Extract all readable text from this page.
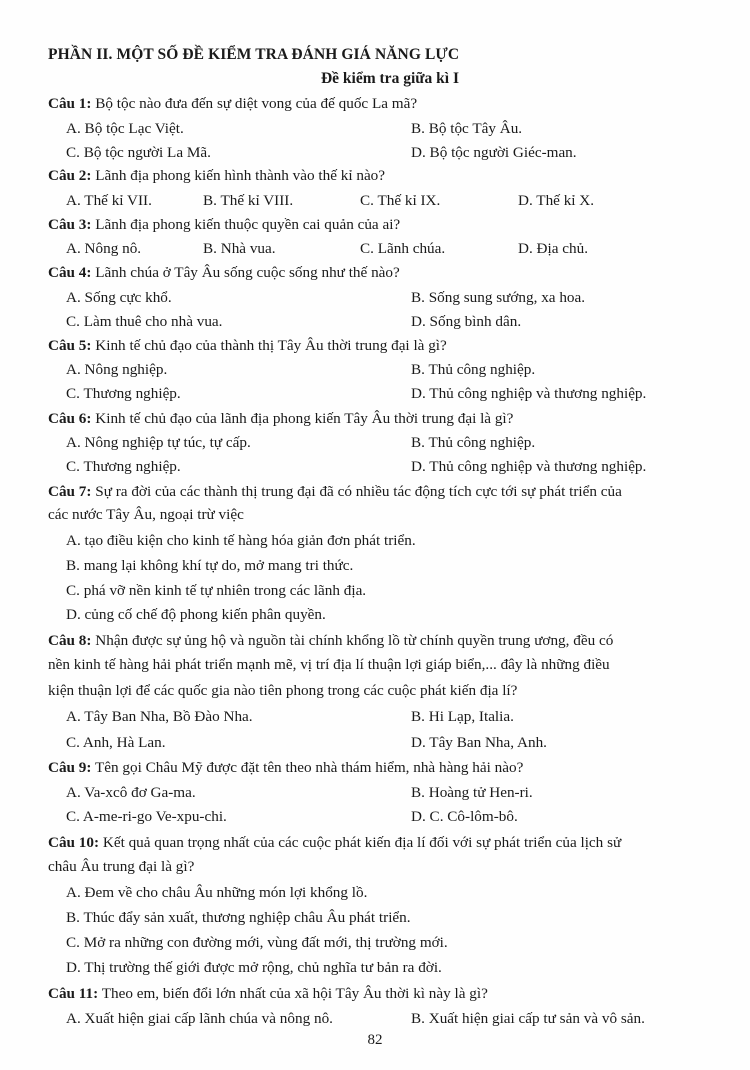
PHẦN II. MỘT SỐ ĐỀ KIỂM TRA ĐÁNH GIÁ NĂNG LỰC
Đề kiểm tra giữa kì I
Câu 1: Bộ tộc nào đưa đến sự diệt vong của đế quốc La mã?
A. Bộ tộc Lạc Việt.	B. Bộ tộc Tây Âu.
C. Bộ tộc người La Mã.	D. Bộ tộc người Giéc-man.
Câu 2: Lãnh địa phong kiến hình thành vào thế kỉ nào?
A. Thế kỉ VII.	B. Thế kỉ VIII.	C. Thế kỉ IX.	D. Thế kỉ X.
Câu 3: Lãnh địa phong kiến thuộc quyền cai quản của ai?
A. Nông nô.	B. Nhà vua.	C. Lãnh chúa.	D. Địa chủ.
Câu 4: Lãnh chúa ở Tây Âu sống cuộc sống như thế nào?
A. Sống cực khổ.	B. Sống sung sướng, xa hoa.
C. Làm thuê cho nhà vua.	D. Sống bình dân.
Câu 5: Kinh tế chủ đạo của thành thị Tây Âu thời trung đại là gì?
A. Nông nghiệp.	B. Thủ công nghiệp.
C. Thương nghiệp.	D. Thủ công nghiệp và thương nghiệp.
Câu 6: Kinh tế chủ đạo của lãnh địa phong kiến Tây Âu thời trung đại là gì?
A. Nông nghiệp tự túc, tự cấp.	B. Thủ công nghiệp.
C. Thương nghiệp.	D. Thủ công nghiệp và thương nghiệp.
Câu 7: Sự ra đời của các thành thị trung đại đã có nhiều tác động tích cực tới sự phát triển của
các nước Tây Âu, ngoại trừ việc
A. tạo điều kiện cho kinh tế hàng hóa giản đơn phát triển.
B. mang lại không khí tự do, mở mang tri thức.
C. phá vỡ nền kinh tế tự nhiên trong các lãnh địa.
D. củng cố chế độ phong kiến phân quyền.
Câu 8: Nhận được sự ủng hộ và nguồn tài chính khổng lồ từ chính quyền trung ương, đều có
nền kinh tế hàng hải phát triển mạnh mẽ, vị trí địa lí thuận lợi giáp biển,... đây là những điều
kiện thuận lợi để các quốc gia nào tiên phong trong các cuộc phát kiến địa lí?
A. Tây Ban Nha, Bồ Đào Nha.	B. Hi Lạp, Italia.
C. Anh, Hà Lan.	D. Tây Ban Nha, Anh.
Câu 9: Tên gọi Châu Mỹ được đặt tên theo nhà thám hiểm, nhà hàng hải nào?
A. Va-xcô đơ Ga-ma.	B. Hoàng tử Hen-ri.
C. A-me-ri-go Ve-xpu-chi.	D. C. Cô-lôm-bô.
Câu 10: Kết quả quan trọng nhất của các cuộc phát kiến địa lí đối với sự phát triển của lịch sử
châu Âu trung đại là gì?
A. Đem về cho châu Âu những món lợi khổng lồ.
B. Thúc đẩy sản xuất, thương nghiệp châu Âu phát triển.
C. Mở ra những con đường mới, vùng đất mới, thị trường mới.
D. Thị trường thế giới được mở rộng, chủ nghĩa tư bản ra đời.
Câu 11: Theo em, biến đổi lớn nhất của xã hội Tây Âu thời kì này là gì?
A. Xuất hiện giai cấp lãnh chúa và nông nô.	B. Xuất hiện giai cấp tư sản và vô sản.
82
